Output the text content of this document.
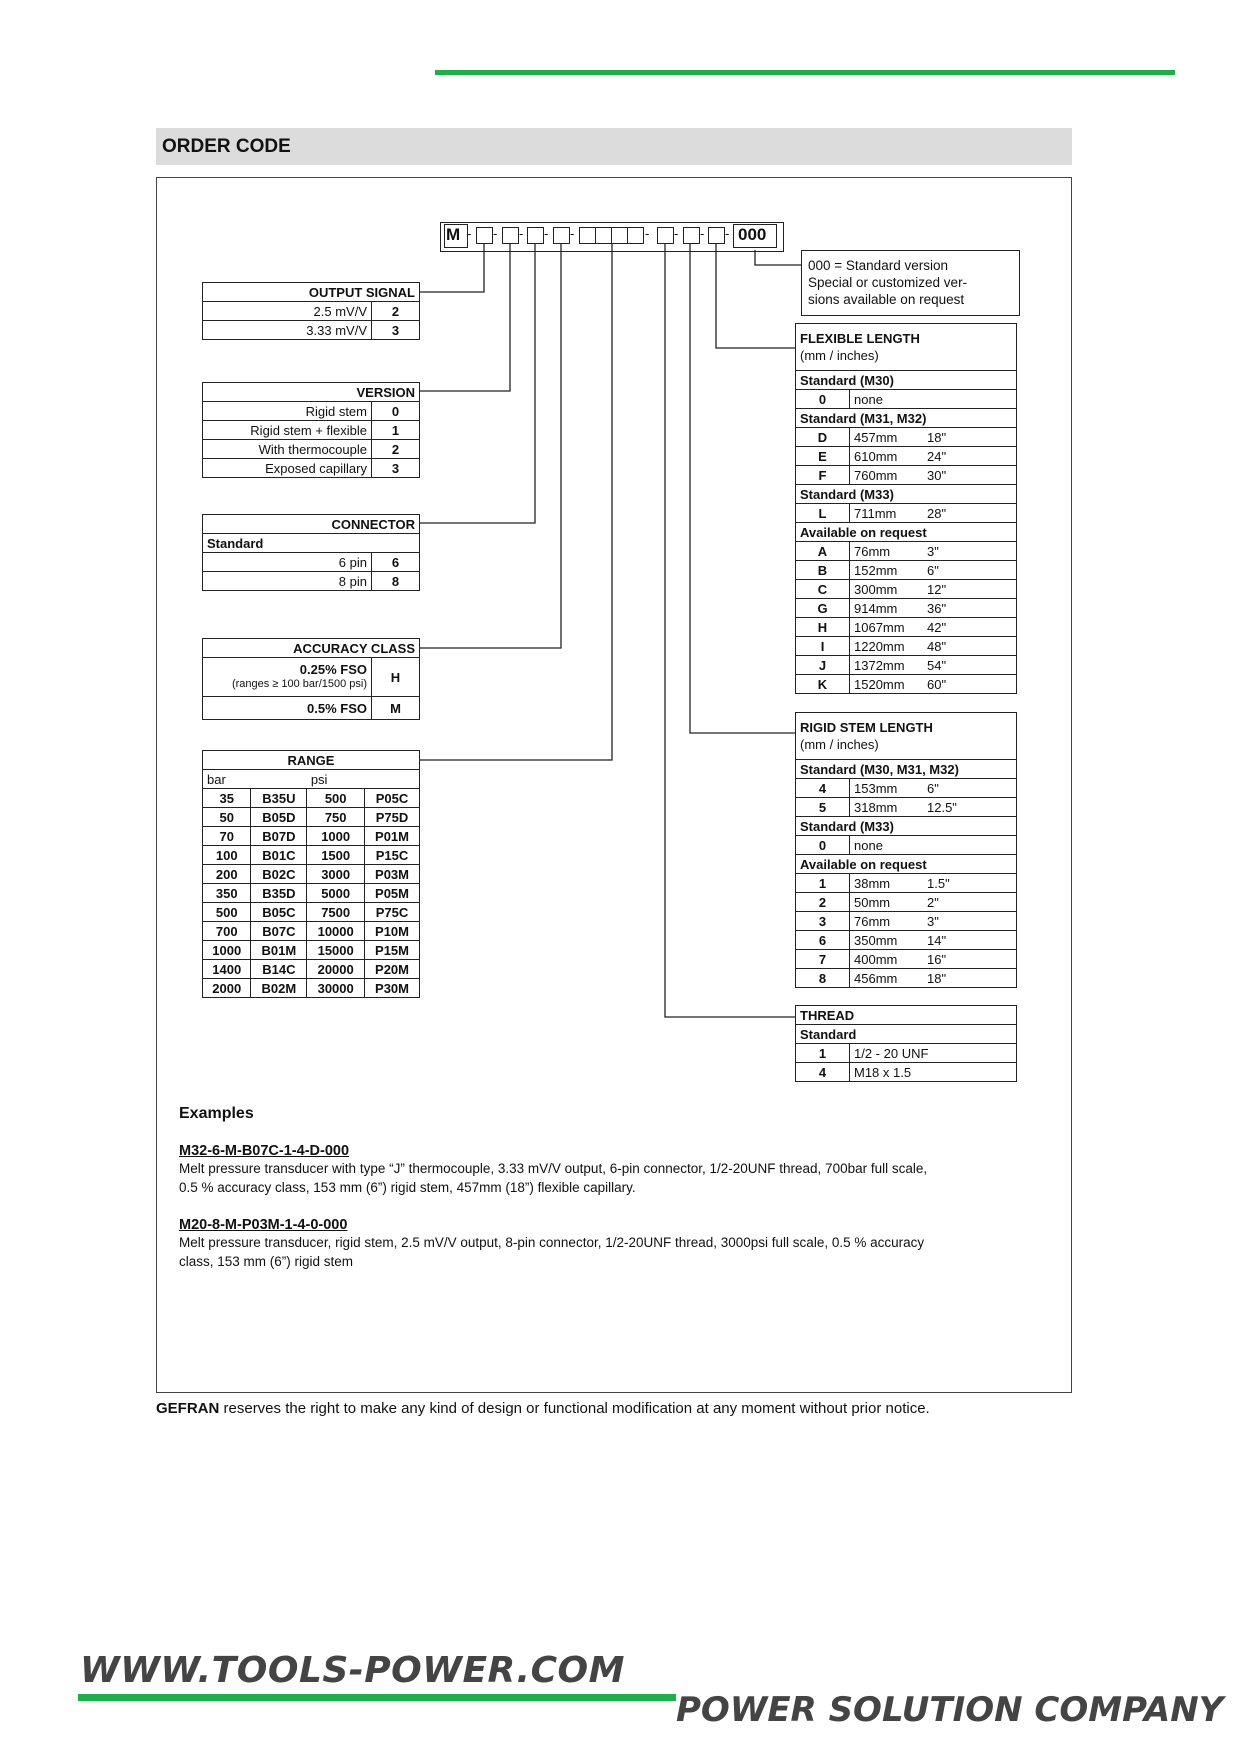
ORDER CODE
M - - - - -	- - - - 000
000 = Standard version
Special or customized ver-
sions available on request
OUTPUT SIGNAL	
2.5 mV/V	2
3.33 mV/V	3
VERSION	
Rigid stem	0
Rigid stem + flexible	1
With thermocouple	2
Exposed capillary	3
CONNECTOR	
Standard	
6 pin	6
8 pin	8
ACCURACY CLASS	

0.25% FSO
(ranges ≥ 100 bar/1500 psi)	H
0.5% FSO	M
RANGE			
bar		psi	
35	B35U	500	P05C
50	B05D	750	P75D
70	B07D	1000	P01M
100	B01C	1500	P15C
200	B02C	3000	P03M
350	B35D	5000	P05M
500	B05C	7500	P75C
700	B07C	10000	P10M
1000	B01M	15000	P15M
1400	B14C	20000	P20M
2000	B02M	30000	P30M
FLEXIBLE LENGTH
(mm / inches)		

Standard (M30)		
0	none	
Standard (M31, M32)		
D	457mm	18"
E	610mm	24"
F	760mm	30"
Standard (M33)		
L	711mm	28"
Available on request		
A	76mm	3"
B	152mm	6"
C	300mm	12"
G	914mm	36"
H	1067mm	42"
I	1220mm	48"
J	1372mm	54"
K	1520mm	60"
RIGID STEM LENGTH
(mm / inches)		

Standard (M30, M31, M32)		
4	153mm	6"
5	318mm	12.5"
Standard (M33)		
0	none	
Available on request		
1	38mm	1.5"
2	50mm	2"
3	76mm	3"
6	350mm	14"
7	400mm	16"
8	456mm	18"
THREAD	
Standard	
1	1/2 - 20 UNF
4	M18 x 1.5
Examples
M32-6-M-B07C-1-4-D-000
Melt pressure transducer with type “J” thermocouple, 3.33 mV/V output, 6-pin connector, 1/2-20UNF thread, 700bar full scale,
0.5 % accuracy class, 153 mm (6”) rigid stem, 457mm (18”) flexible capillary.
M20-8-M-P03M-1-4-0-000
Melt pressure transducer, rigid stem, 2.5 mV/V output, 8-pin connector, 1/2-20UNF thread, 3000psi full scale, 0.5 % accuracy
class, 153 mm (6”) rigid stem
GEFRAN reserves the right to make any kind of design or functional modification at any moment without prior notice.
WWW.TOOLS-POWER.COM
POWER SOLUTION COMPANY
